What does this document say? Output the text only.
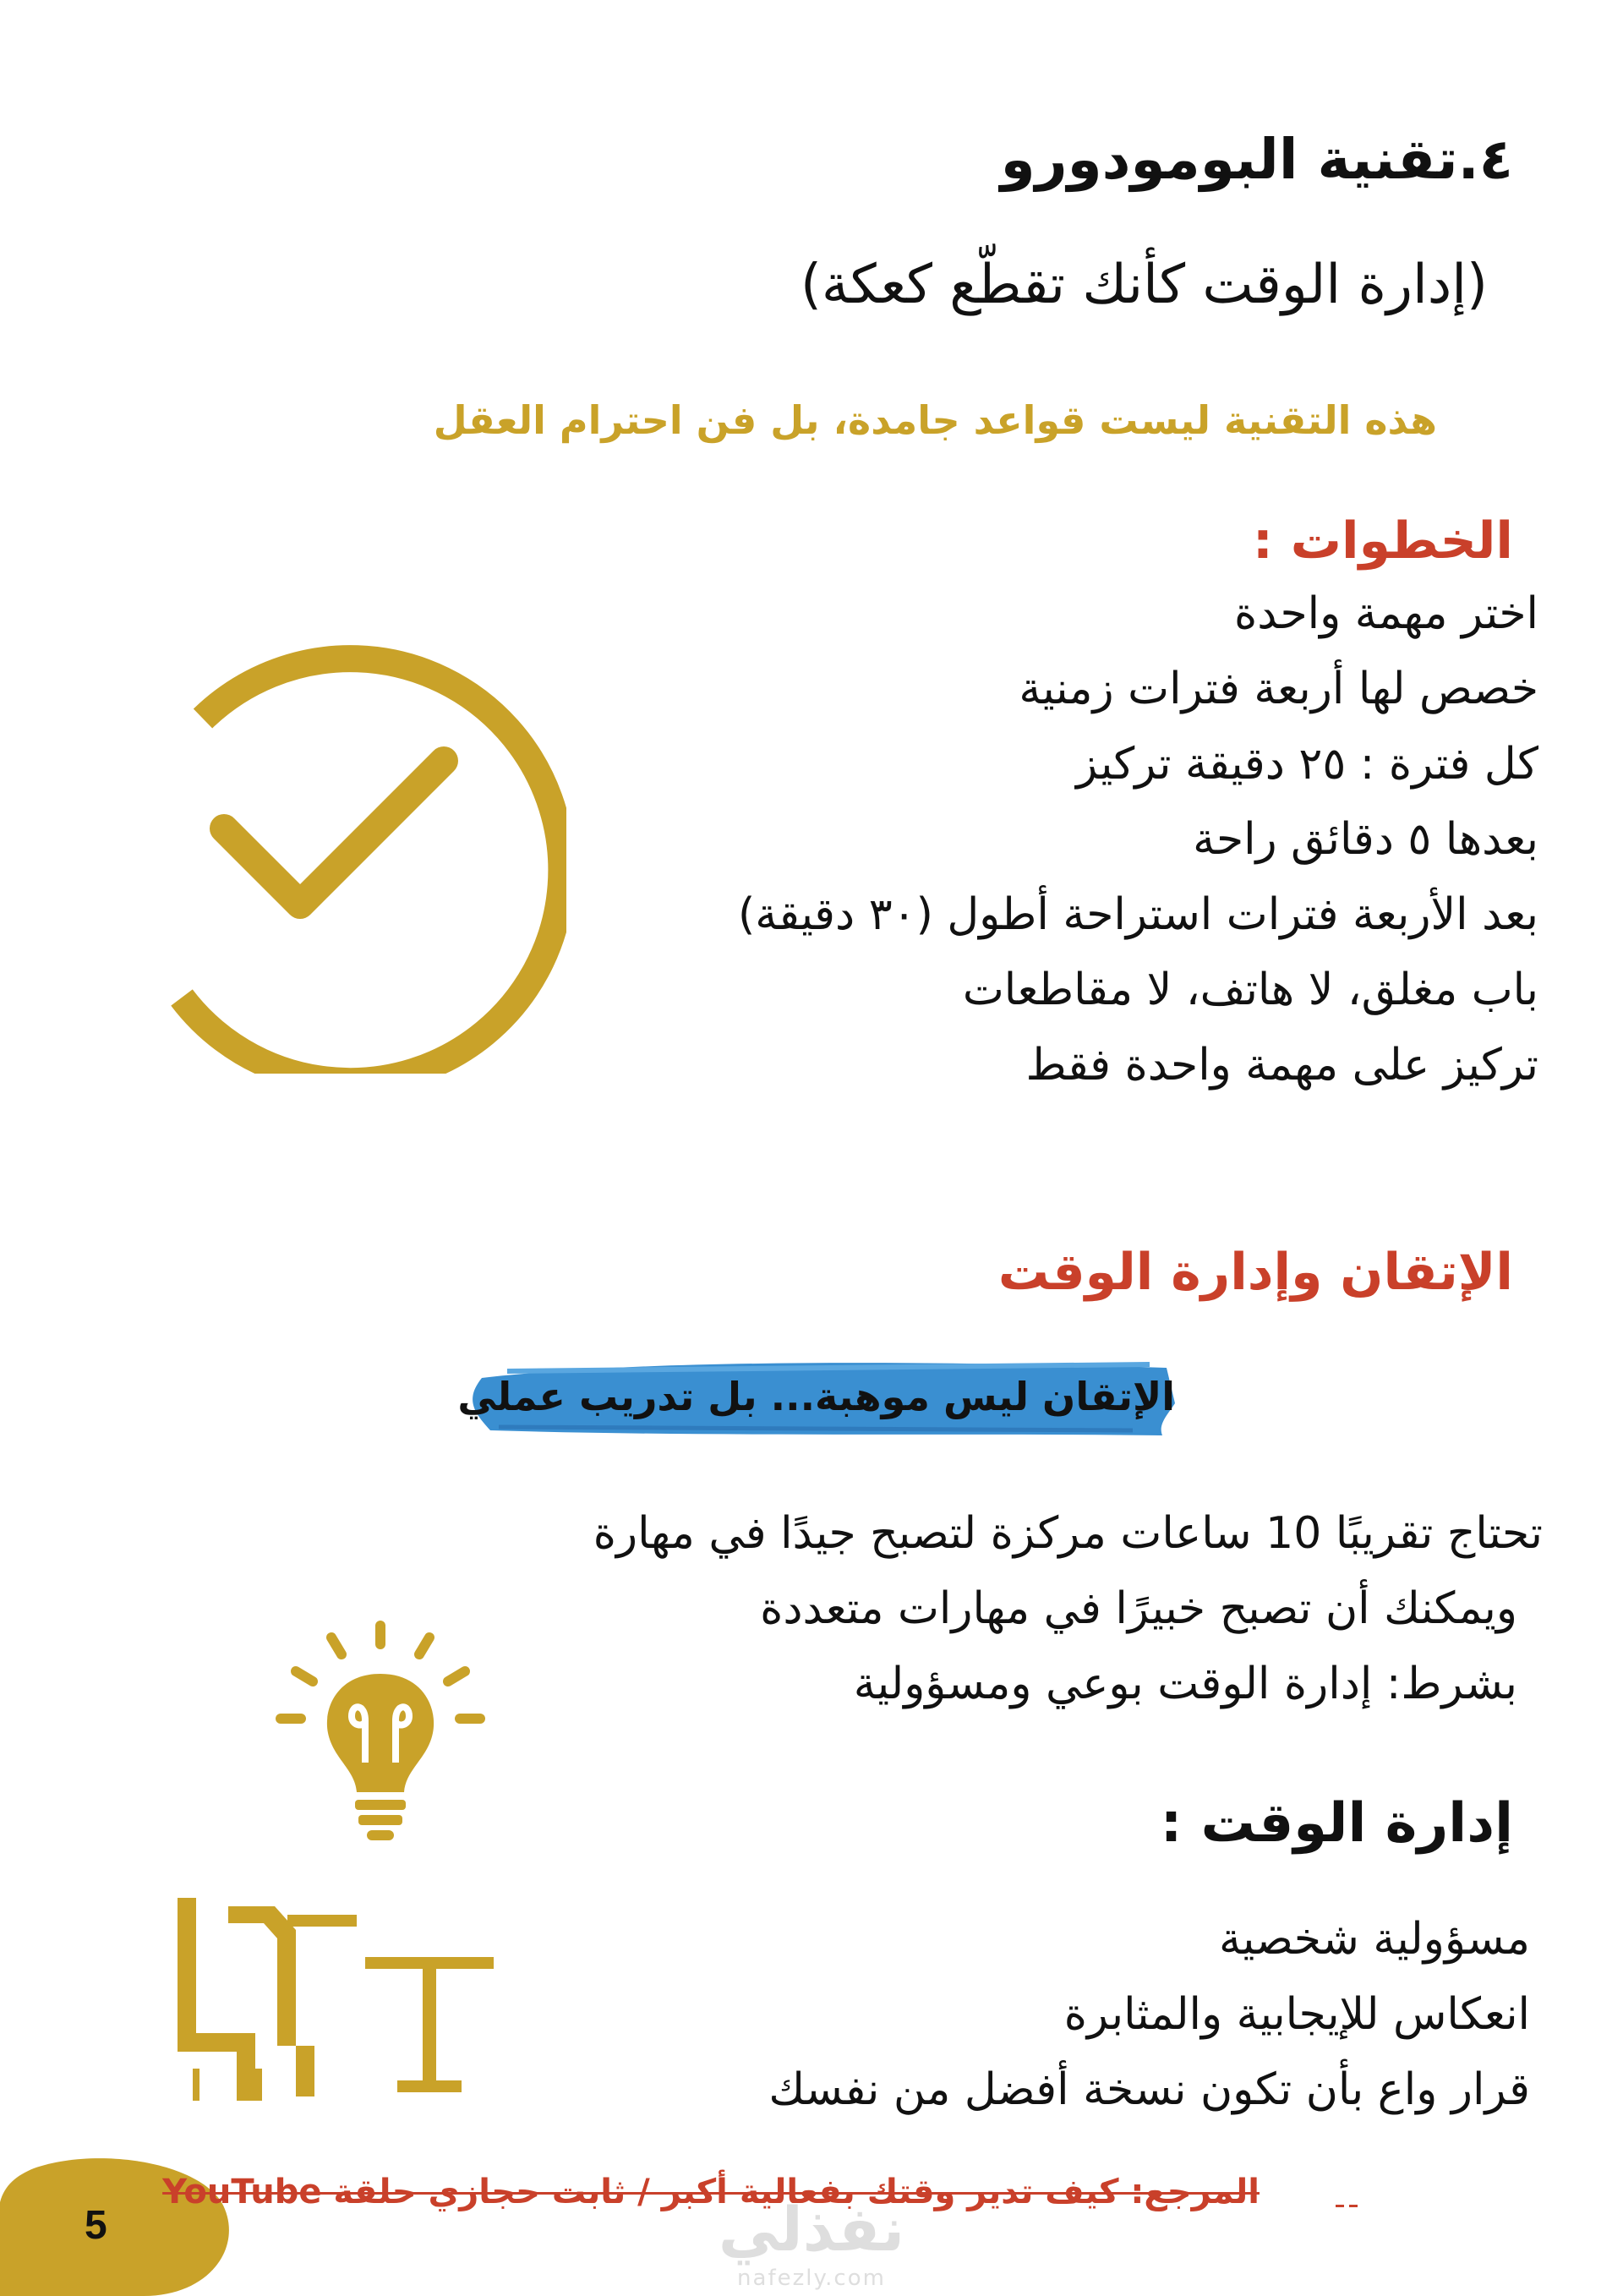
٤.تقنية البومودورو
(إدارة الوقت كأنك تقطّع كعكة)
هذه التقنية ليست قواعد جامدة، بل فن احترام العقل
الخطوات :
اختر مهمة واحدة
خصص لها أربعة فترات زمنية
كل فترة : ٢٥ دقيقة تركيز
بعدها ٥ دقائق راحة
بعد الأربعة فترات استراحة أطول (٣٠ دقيقة)
باب مغلق، لا هاتف، لا مقاطعات
تركيز على مهمة واحدة فقط
الإتقان وإدارة الوقت
الإتقان ليس موهبة... بل تدريب عملي
تحتاج تقريبًا 10 ساعات مركزة لتصبح جيدًا في مهارة
ويمكنك أن تصبح خبيرًا في مهارات متعددة
بشرط: إدارة الوقت بوعي ومسؤولية
إدارة الوقت :
مسؤولية شخصية
انعكاس للإيجابية والمثابرة
قرار واع بأن تكون نسخة أفضل من نفسك
5	نفذلي
nafezly.com
المرجع: كيف تدير وقتك بفعالية أكبر / ثابت حجازي حلقة YouTube
